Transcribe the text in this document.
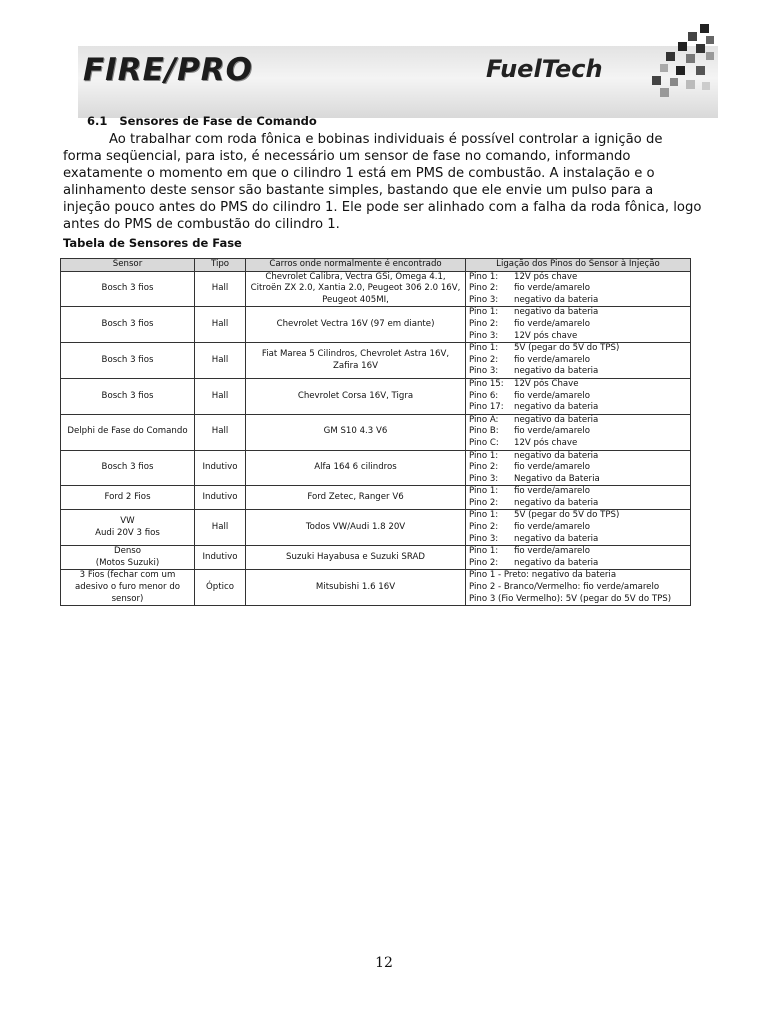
FIRE/PRO	FuelTech
6.1 Sensores de Fase de Comando

Ao trabalhar com roda fônica e bobinas individuais é possível controlar a ignição de forma seqüencial, para isto, é necessário um sensor de fase no comando, informando exatamente o momento em que o cilindro 1 está em PMS de combustão. A instalação e o alinhamento deste sensor são bastante simples, bastando que ele envie um pulso para a injeção pouco antes do PMS do cilindro 1. Ele pode ser alinhado com a falha da roda fônica, logo antes do PMS de combustão do cilindro 1.

Tabela de Sensores de Fase
Sensor	Tipo	Carros onde normalmente é encontrado	Ligação dos Pinos do Sensor à Injeção
Bosch 3 fios	Hall	Chevrolet Calibra, Vectra GSi, Omega 4.1, Citroën ZX 2.0, Xantia 2.0, Peugeot 306 2.0 16V, Peugeot 405MI,	Pino 1: 12V pós chave
Pino 2: fio verde/amarelo
Pino 3: negativo da bateria

Bosch 3 fios	Hall	Chevrolet Vectra 16V (97 em diante)	Pino 1: negativo da bateria
Pino 2: fio verde/amarelo
Pino 3: 12V pós chave

Bosch 3 fios	Hall	Fiat Marea 5 Cilindros, Chevrolet Astra 16V, Zafira 16V	Pino 1: 5V (pegar do 5V do TPS)
Pino 2: fio verde/amarelo
Pino 3: negativo da bateria

Bosch 3 fios	Hall	Chevrolet Corsa 16V, Tigra	Pino 15: 12V pós Chave
Pino 6: fio verde/amarelo
Pino 17: negativo da bateria

Delphi de Fase do Comando	Hall	GM S10 4.3 V6	Pino A: negativo da bateria
Pino B: fio verde/amarelo
Pino C: 12V pós chave

Bosch 3 fios	Indutivo	Alfa 164 6 cilindros	Pino 1: negativo da bateria
Pino 2: fio verde/amarelo
Pino 3: Negativo da Bateria

Ford 2 Fios	Indutivo	Ford Zetec, Ranger V6	Pino 1: fio verde/amarelo
Pino 2: negativo da bateria

VW
Audi 20V 3 fios	Hall	Todos VW/Audi 1.8 20V	Pino 1: 5V (pegar do 5V do TPS)
Pino 2: fio verde/amarelo
Pino 3: negativo da bateria

Denso
(Motos Suzuki)	Indutivo	Suzuki Hayabusa e Suzuki SRAD	Pino 1: fio verde/amarelo
Pino 2: negativo da bateria

3 Fios (fechar com um adesivo o furo menor do sensor)	Óptico	Mitsubishi 1.6 16V	Pino 1 - Preto: negativo da bateria
Pino 2 - Branco/Vermelho: fio verde/amarelo
Pino 3 (Fio Vermelho): 5V (pegar do 5V do TPS)
12
